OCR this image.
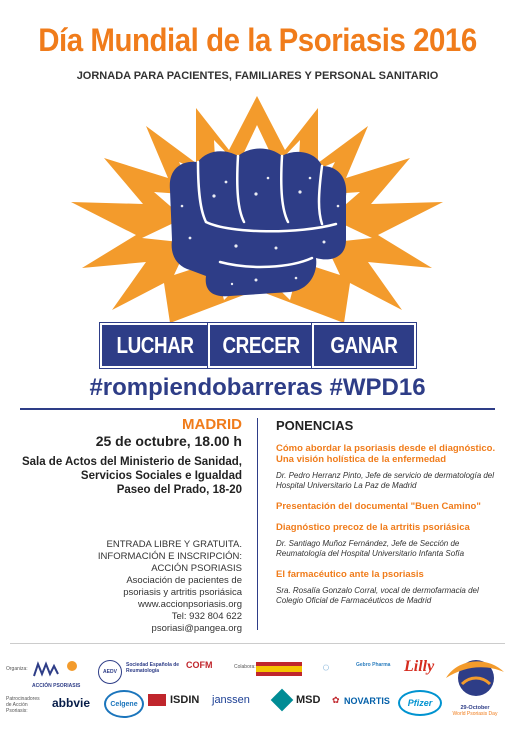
Día Mundial de la Psoriasis 2016
JORNADA PARA PACIENTES, FAMILIARES Y PERSONAL SANITARIO
LUCHAR CRECER GANAR
#rompiendobarreras #WPD16
MADRID
25 de octubre, 18.00 h
Sala de Actos del Ministerio de Sanidad,
Servicios Sociales e Igualdad
Paseo del Prado, 18-20
ENTRADA LIBRE Y GRATUITA.
INFORMACIÓN E INSCRIPCIÓN:
ACCIÓN PSORIASIS
Asociación de pacientes de
psoriasis y artritis psoriásica
www.accionpsoriasis.org
Tel: 932 804 622
psoriasi@pangea.org
PONENCIAS
Cómo abordar la psoriasis desde el diagnóstico. Una visión holística de la enfermedad
Dr. Pedro Herranz Pinto, Jefe de servicio de dermatología del Hospital Universitario La Paz de Madrid
Presentación del documental "Buen Camino"
Diagnóstico precoz de la artritis psoriásica
Dr. Santiago Muñoz Fernández, Jefe de Sección de Reumatología del Hospital Universitario Infanta Sofía
El farmacéutico ante la psoriasis
Sra. Rosalía Gonzalo Corral, vocal de dermofarmacia del Colegio Oficial de Farmacéuticos de Madrid
Organiza:
ACCIÓN PSORIASIS
AEDV
Sociedad Española de Reumatología
COFM	Colabora:	◌	Gebro Pharma Lilly
29-October
World Psoriasis Day
Patrocinadores de Acción Psoriasis:
abbvie	Celgene	ISDIN janssen	MSD ✿ NOVARTIS	Pfizer
